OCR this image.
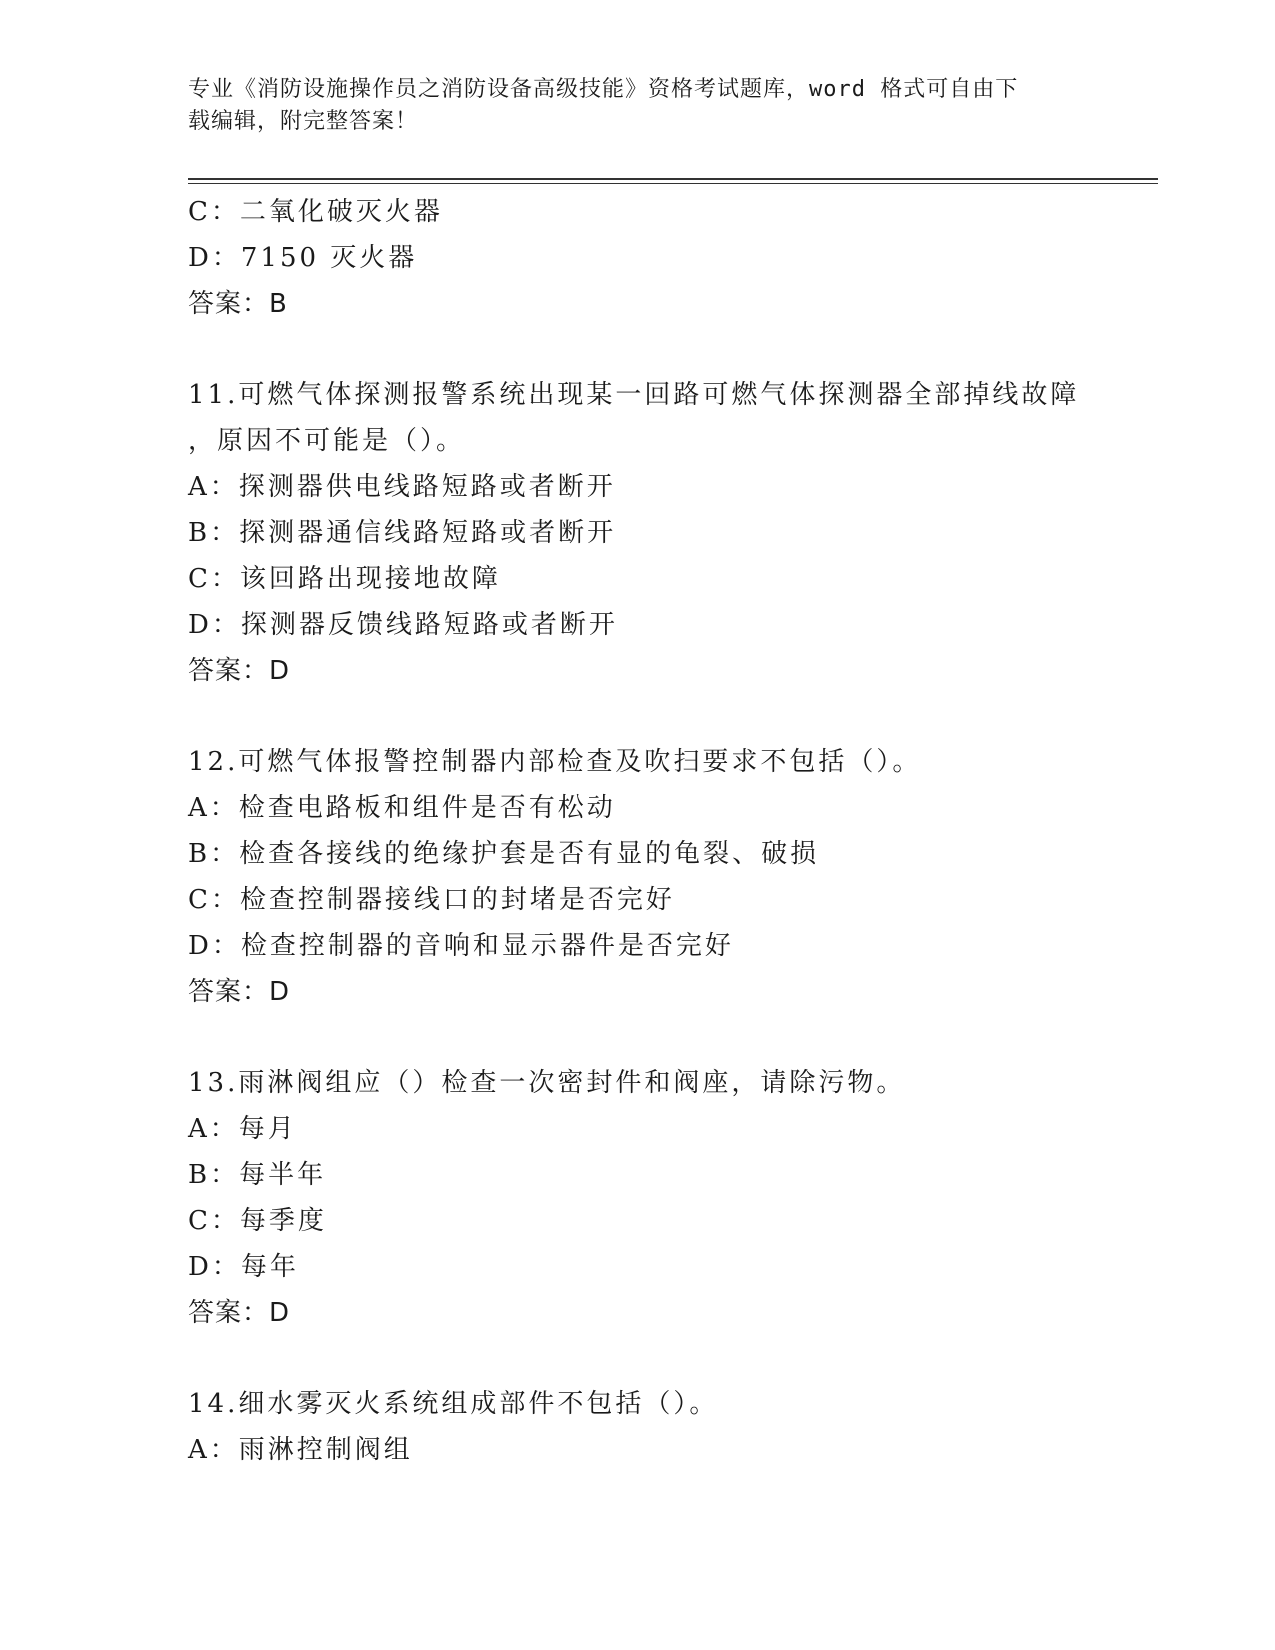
专业《消防设施操作员之消防设备高级技能》资格考试题库，word 格式可自由下
载编辑，附完整答案！
C：二氧化破灭火器
D：7150 灭火器
答案：B
11.可燃气体探测报警系统出现某一回路可燃气体探测器全部掉线故障
，原因不可能是（）。
A：探测器供电线路短路或者断开
B：探测器通信线路短路或者断开
C：该回路出现接地故障
D：探测器反馈线路短路或者断开
答案：D
12.可燃气体报警控制器内部检查及吹扫要求不包括（）。
A：检查电路板和组件是否有松动
B：检查各接线的绝缘护套是否有显的龟裂、破损
C：检查控制器接线口的封堵是否完好
D：检查控制器的音响和显示器件是否完好
答案：D
13.雨淋阀组应（）检查一次密封件和阀座，请除污物。
A：每月
B：每半年
C：每季度
D：每年
答案：D
14.细水雾灭火系统组成部件不包括（）。
A：雨淋控制阀组
